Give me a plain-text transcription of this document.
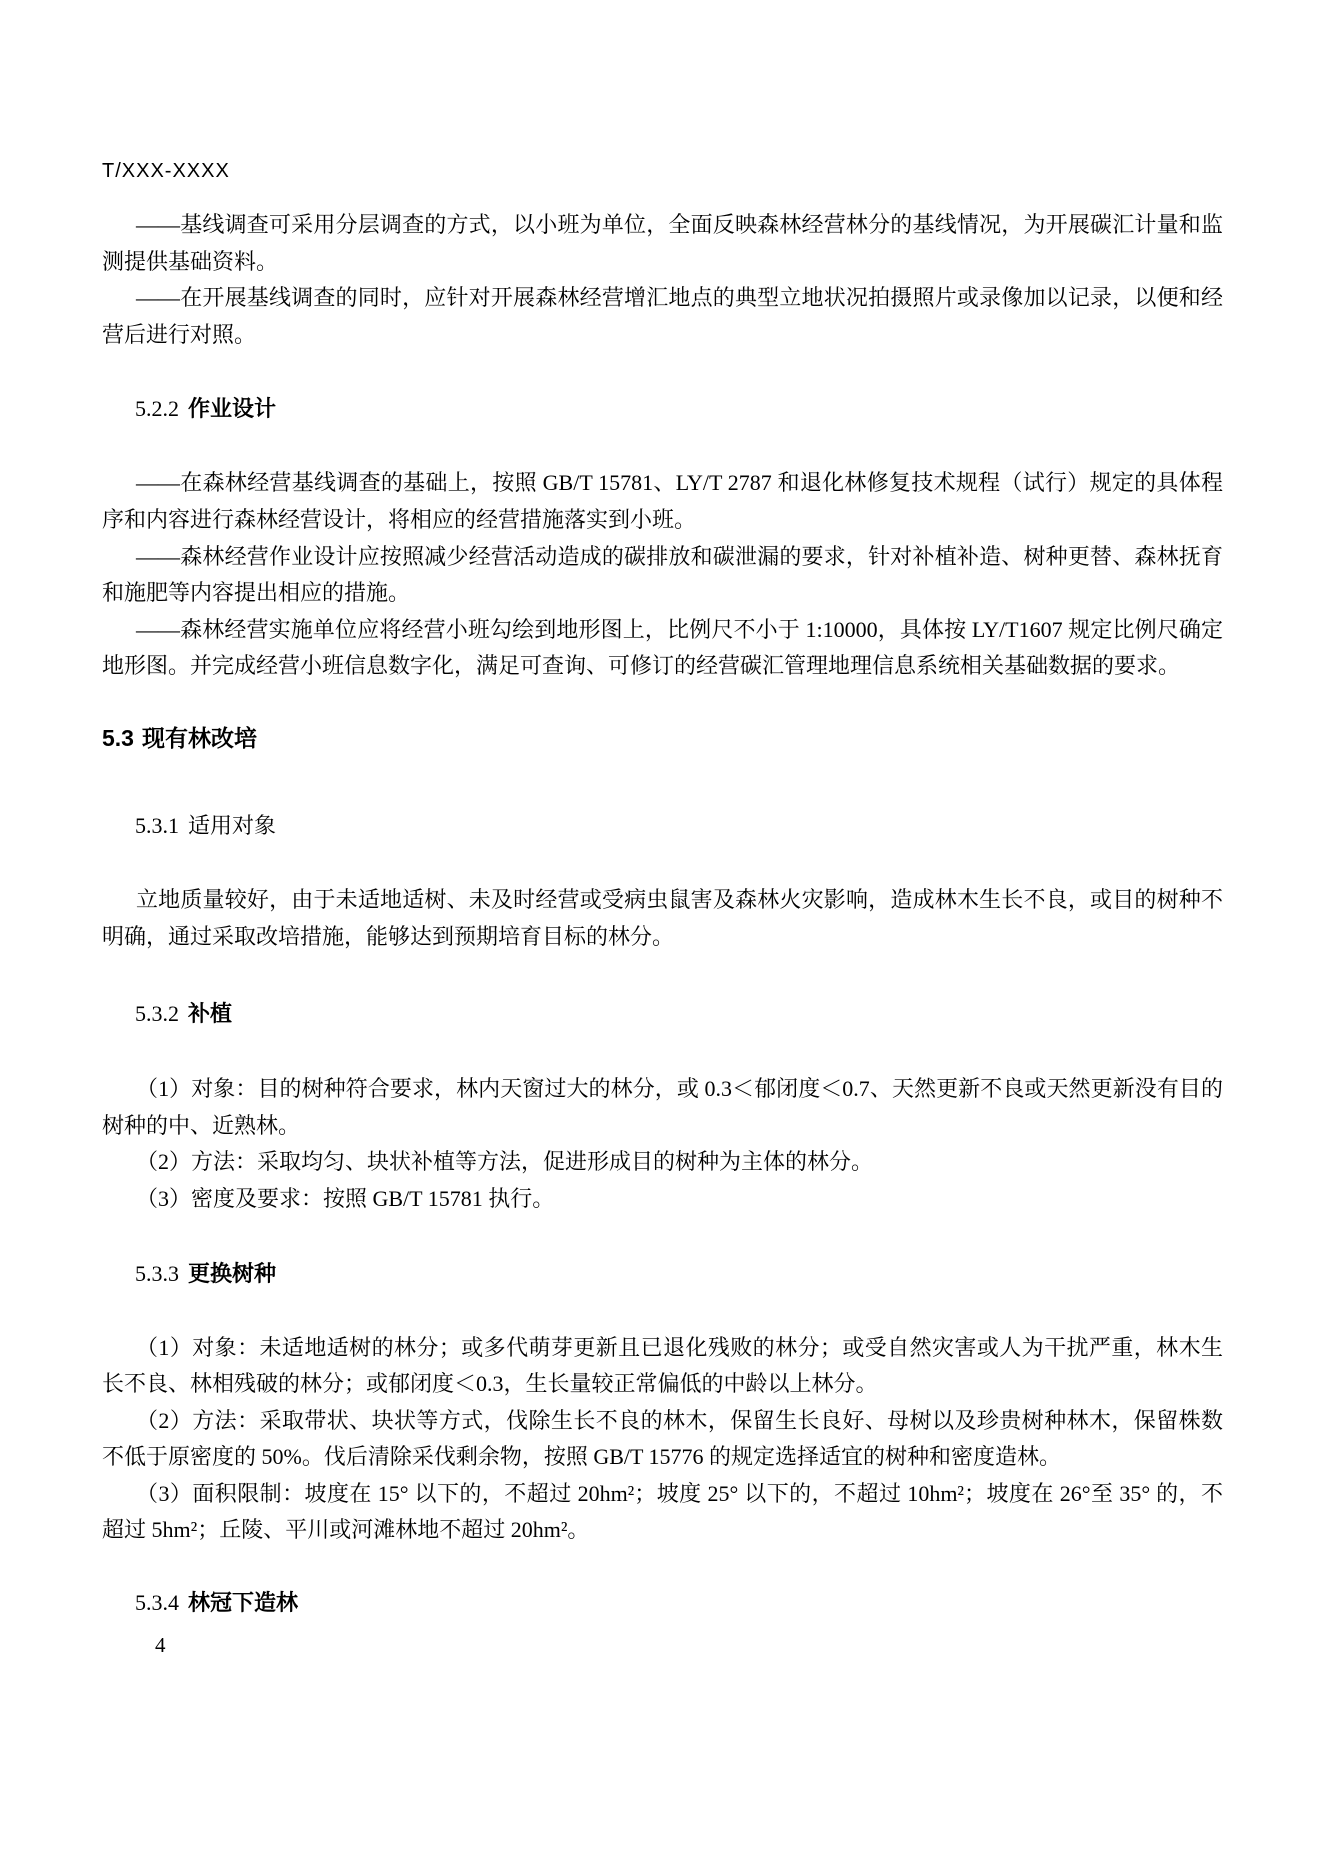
T/XXX-XXXX

——基线调查可采用分层调查的方式，以小班为单位，全面反映森林经营林分的基线情况，为开展碳汇计量和监测提供基础资料。

——在开展基线调查的同时，应针对开展森林经营增汇地点的典型立地状况拍摄照片或录像加以记录，以便和经营后进行对照。

5.2.2 作业设计

——在森林经营基线调查的基础上，按照 GB/T 15781、LY/T 2787 和退化林修复技术规程（试行）规定的具体程序和内容进行森林经营设计，将相应的经营措施落实到小班。

——森林经营作业设计应按照减少经营活动造成的碳排放和碳泄漏的要求，针对补植补造、树种更替、森林抚育和施肥等内容提出相应的措施。

——森林经营实施单位应将经营小班勾绘到地形图上，比例尺不小于 1:10000，具体按 LY/T1607 规定比例尺确定地形图。并完成经营小班信息数字化，满足可查询、可修订的经营碳汇管理地理信息系统相关基础数据的要求。

5.3 现有林改培
5.3.1 适用对象

立地质量较好，由于未适地适树、未及时经营或受病虫鼠害及森林火灾影响，造成林木生长不良，或目的树种不明确，通过采取改培措施，能够达到预期培育目标的林分。

5.3.2 补植

（1）对象：目的树种符合要求，林内天窗过大的林分，或 0.3＜郁闭度＜0.7、天然更新不良或天然更新没有目的树种的中、近熟林。

（2）方法：采取均匀、块状补植等方法，促进形成目的树种为主体的林分。

（3）密度及要求：按照 GB/T 15781 执行。

5.3.3 更换树种

（1）对象：未适地适树的林分；或多代萌芽更新且已退化残败的林分；或受自然灾害或人为干扰严重，林木生长不良、林相残破的林分；或郁闭度＜0.3，生长量较正常偏低的中龄以上林分。

（2）方法：采取带状、块状等方式，伐除生长不良的林木，保留生长良好、母树以及珍贵树种林木，保留株数不低于原密度的 50%。伐后清除采伐剩余物，按照 GB/T 15776 的规定选择适宜的树种和密度造林。

（3）面积限制：坡度在 15° 以下的，不超过 20hm²；坡度 25° 以下的，不超过 10hm²；坡度在 26°至 35° 的，不超过 5hm²；丘陵、平川或河滩林地不超过 20hm²。

5.3.4 林冠下造林
4
